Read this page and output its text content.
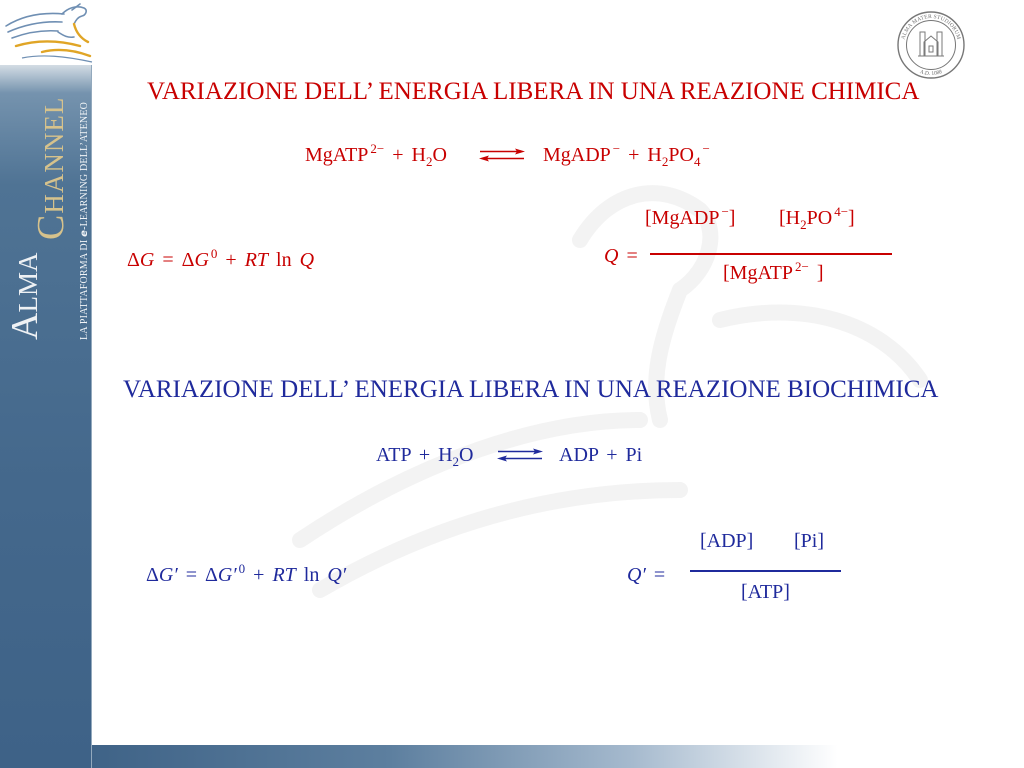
ALMA MATER STUDIORUM
A.D. 1088
ALMA
CHANNEL
LA PIATTAFORMA DI e-LEARNING DELL’ATENEO
VARIAZIONE DELL’ ENERGIA LIBERA IN UNA REAZIONE CHIMICA
MgATP $^{2-} + H_2O$ ⇌ MgADP $^- + H_2PO_4^-$
ΔG = ΔG $^0$ + RT ln Q	Q =
[MgADP −] [$H_2PO$ $^{4-}$]
[MgATP $^{2-}$ ]
VARIAZIONE DELL’ ENERGIA LIBERA IN UNA REAZIONE BIOCHIMICA
ATP + $H_2O$ ⇌ ADP + Pi
ΔG′ = ΔG′ $^0$ + RT ln Q′	Q′ =
[ADP] [Pi]
[ATP]
